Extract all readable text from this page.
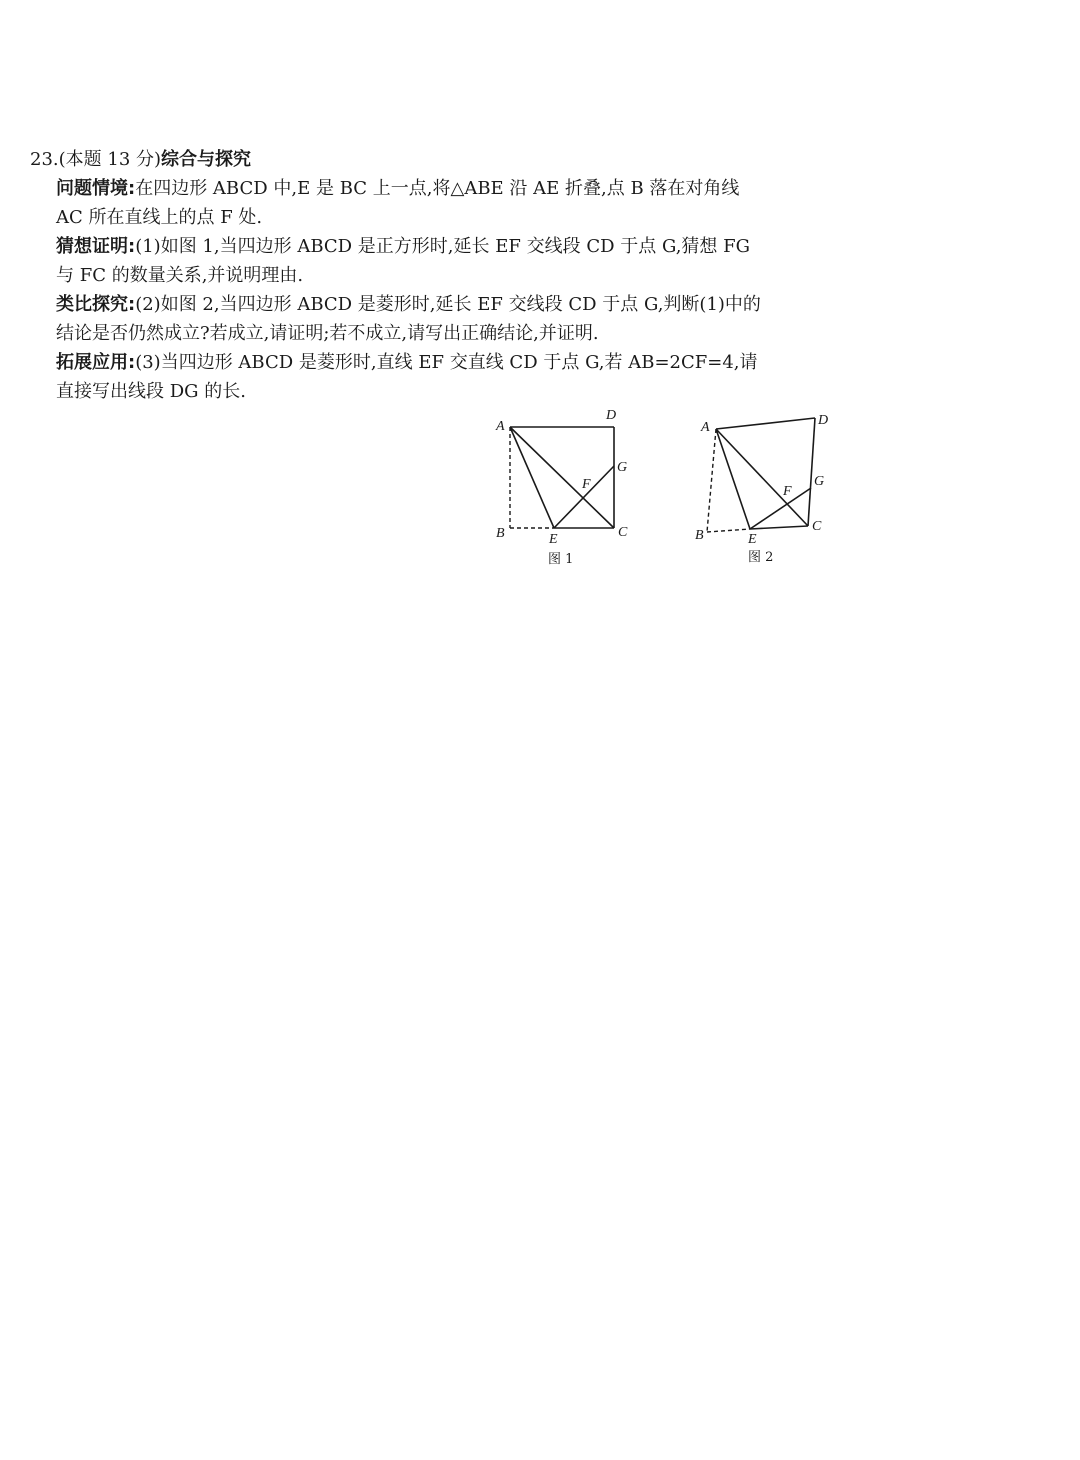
23.(本题 13 分)综合与探究
问题情境:在四边形 ABCD 中,E 是 BC 上一点,将△ABE 沿 AE 折叠,点 B 落在对角线
AC 所在直线上的点 F 处.
猜想证明:(1)如图 1,当四边形 ABCD 是正方形时,延长 EF 交线段 CD 于点 G,猜想 FG
与 FC 的数量关系,并说明理由.
类比探究:(2)如图 2,当四边形 ABCD 是菱形时,延长 EF 交线段 CD 于点 G,判断(1)中的
结论是否仍然成立?若成立,请证明;若不成立,请写出正确结论,并证明.
拓展应用:(3)当四边形 ABCD 是菱形时,直线 EF 交直线 CD 于点 G,若 AB=2CF=4,请
直接写出线段 DG 的长.
A
D
G
F
B	E	C
图 1
A	D
G
F
B	E
C
图 2
